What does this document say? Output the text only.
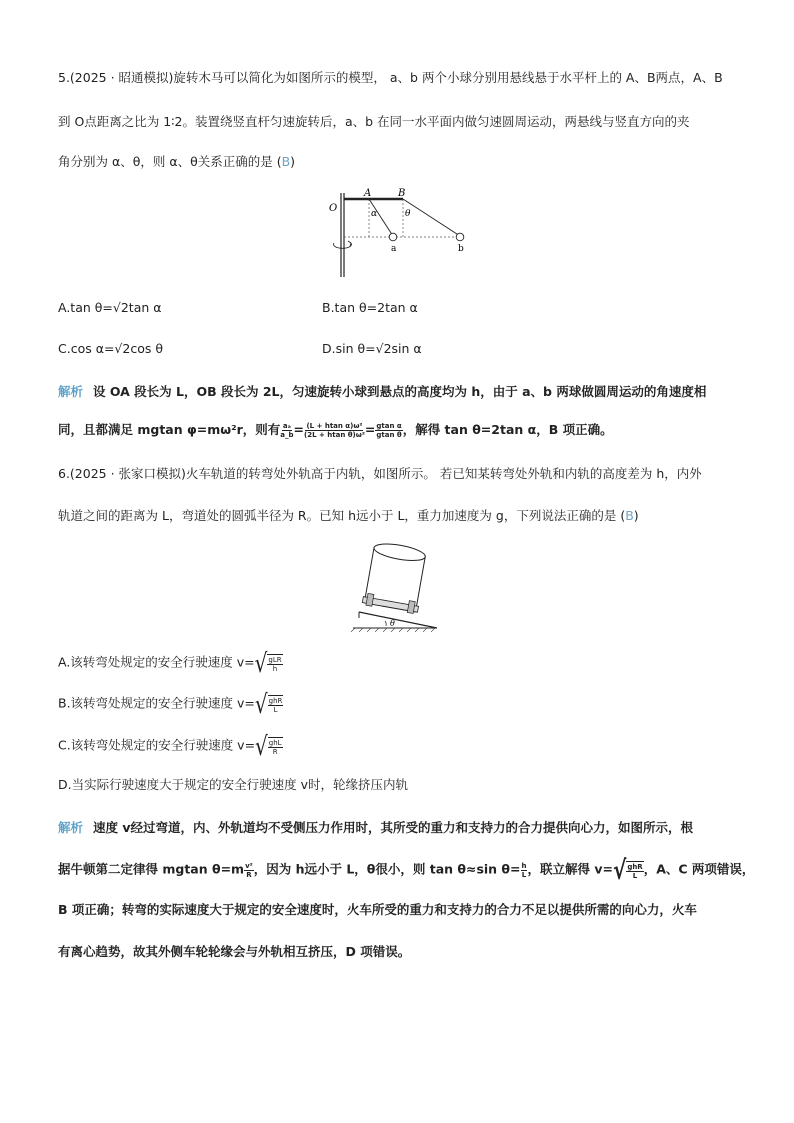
5.(2025 · 昭通模拟)旋转木马可以简化为如图所示的模型， a、b 两个小球分别用悬线悬于水平杆上的 A、B两点，A、B
到 O点距离之比为 1∶2。装置绕竖直杆匀速旋转后，a、b 在同一水平面内做匀速圆周运动，两悬线与竖直方向的夹
角分别为 α、θ，则 α、θ关系正确的是 (B)
O
A	B
α	θ
a	b
A.tan θ=√2tan α	B.tan θ=2tan α
C.cos α=√2cos θ	D.sin θ=√2sin α
解析 设 OA 段长为 L，OB 段长为 2L，匀速旋转小球到悬点的高度均为 h，由于 a、b 两球做圆周运动的角速度相
同，且都满足 mgtan φ=mω²r，则有 $\frac{\text{aₐ}}{a\_b} = \frac{\text{(L + htan α)ω²}}{\text{(2L + htan θ)ω²}} = \frac{\text{gtan α}}{\text{gtan θ}}$ ，解得 tan θ=2tan α，B 项正确。
6.(2025 · 张家口模拟)火车轨道的转弯处外轨高于内轨，如图所示。 若已知某转弯处外轨和内轨的高度差为 h，内外
轨道之间的距离为 L，弯道处的圆弧半径为 R。已知 h远小于 L，重力加速度为 g，下列说法正确的是 (B)
θ
A.该转弯处规定的安全行驶速度 v= √ $\frac{\text{gLR}}{h}$
B.该转弯处规定的安全行驶速度 v= √ $\frac{\text{ghR}}{L}$
C.该转弯处规定的安全行驶速度 v= √ $\frac{\text{ghL}}{R}$
D.当实际行驶速度大于规定的安全行驶速度 v时，轮缘挤压内轨
解析 速度 v经过弯道，内、外轨道均不受侧压力作用时，其所受的重力和支持力的合力提供向心力，如图所示，根
据牛顿第二定律得 mgtan $\theta=m \frac{\text{v²}}{R}$ ，因为 h远小于 L，θ很小，则 tan θ≈sin $\theta= \frac{h}{L}$ ，联立解得 v= √ $\frac{\text{ghR}}{L}$ ，A、C 两项错误，
B 项正确；转弯的实际速度大于规定的安全速度时，火车所受的重力和支持力的合力不足以提供所需的向心力，火车
有离心趋势，故其外侧车轮轮缘会与外轨相互挤压，D 项错误。
